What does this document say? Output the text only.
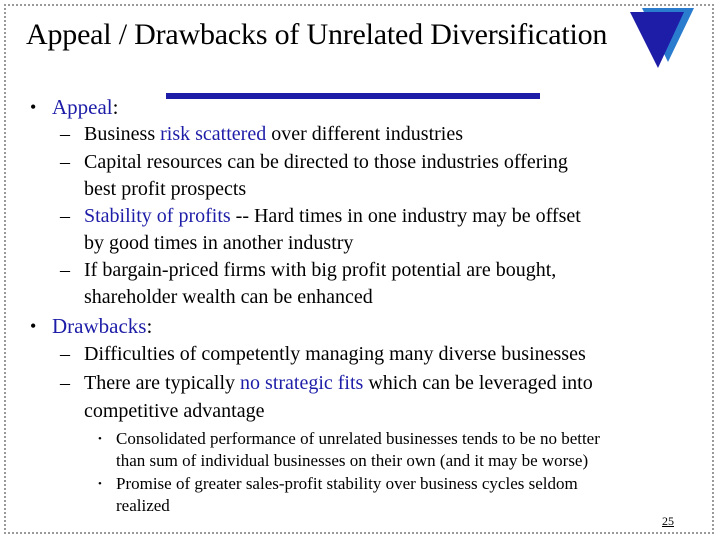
Appeal / Drawbacks of Unrelated Diversification
• Appeal:
– Business risk scattered over different industries
– Capital resources can be directed to those industries offering
best profit prospects
– Stability of profits -- Hard times in one industry may be offset
by good times in another industry
– If bargain-priced firms with big profit potential are bought,
shareholder wealth can be enhanced
• Drawbacks:
– Difficulties of competently managing many diverse businesses
– There are typically no strategic fits which can be leveraged into
competitive advantage
• Consolidated performance of unrelated businesses tends to be no better
than sum of individual businesses on their own (and it may be worse)
• Promise of greater sales-profit stability over business cycles seldom
realized
25
